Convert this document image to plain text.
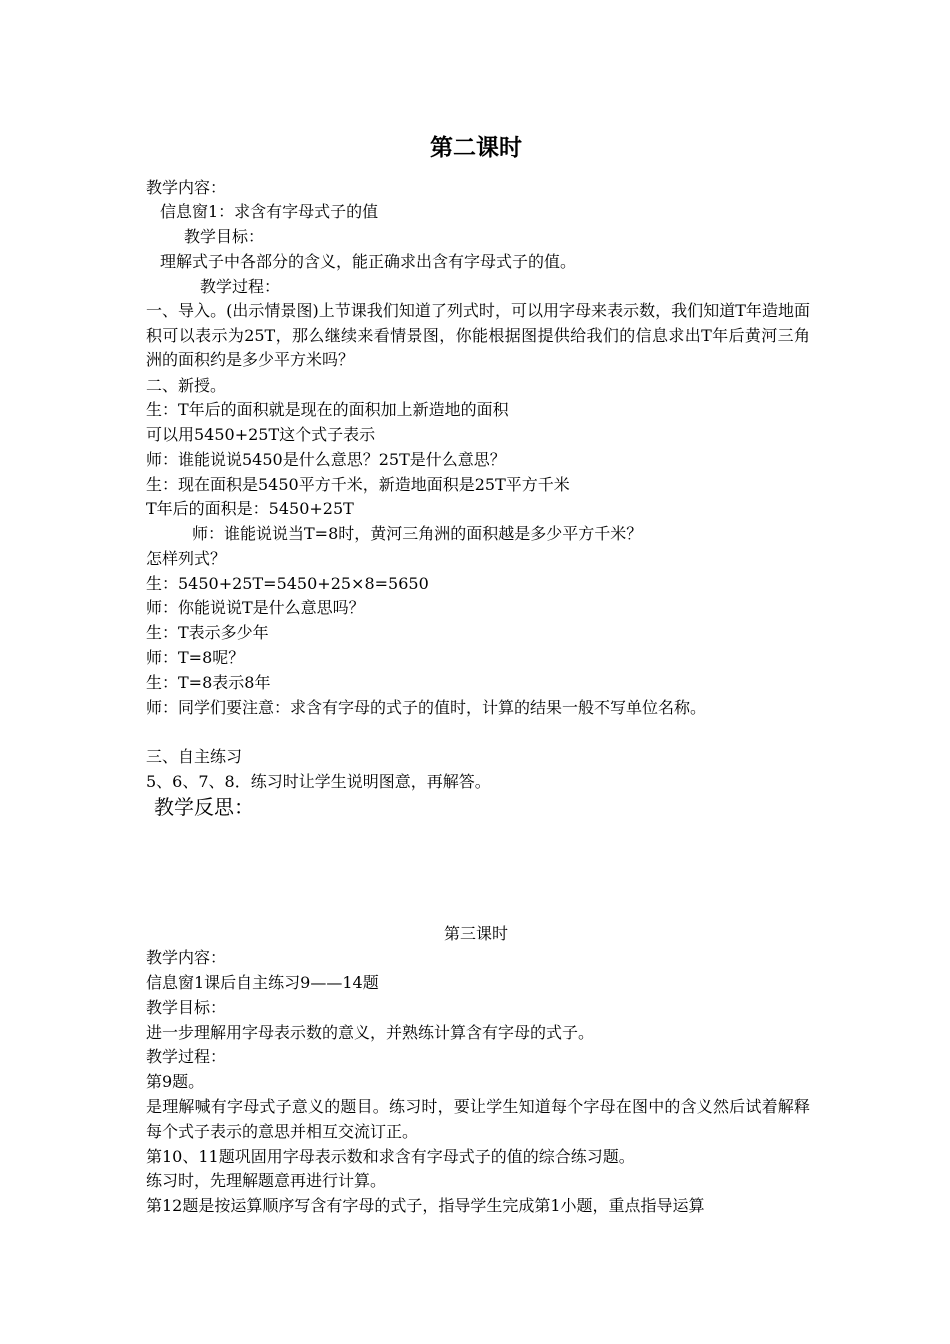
第二课时
教学内容：
信息窗1：求含有字母式子的值
教学目标：
理解式子中各部分的含义，能正确求出含有字母式子的值。
教学过程：
一、导入。(出示情景图)上节课我们知道了列式时，可以用字母来表示数，我们知道T年造地面积可以表示为25T，那么继续来看情景图，你能根据图提供给我们的信息求出T年后黄河三角洲的面积约是多少平方米吗？
二、新授。
生：T年后的面积就是现在的面积加上新造地的面积
可以用5450+25T这个式子表示
师：谁能说说5450是什么意思？25T是什么意思？
生：现在面积是5450平方千米，新造地面积是25T平方千米
T年后的面积是：5450+25T
师：谁能说说当T=8时，黄河三角洲的面积越是多少平方千米？
怎样列式？
生：5450+25T=5450+25×8=5650
师：你能说说T是什么意思吗？
生：T表示多少年
师：T=8呢？
生：T=8表示8年
师：同学们要注意：求含有字母的式子的值时，计算的结果一般不写单位名称。
三、自主练习
5、6、7、8．练习时让学生说明图意，再解答。
教学反思：
第三课时
教学内容：
信息窗1课后自主练习9——14题
教学目标：
进一步理解用字母表示数的意义，并熟练计算含有字母的式子。
教学过程：
第9题。
是理解喊有字母式子意义的题目。练习时，要让学生知道每个字母在图中的含义然后试着解释每个式子表示的意思并相互交流订正。
第10、11题巩固用字母表示数和求含有字母式子的值的综合练习题。
练习时，先理解题意再进行计算。
第12题是按运算顺序写含有字母的式子，指导学生完成第1小题，重点指导运算
